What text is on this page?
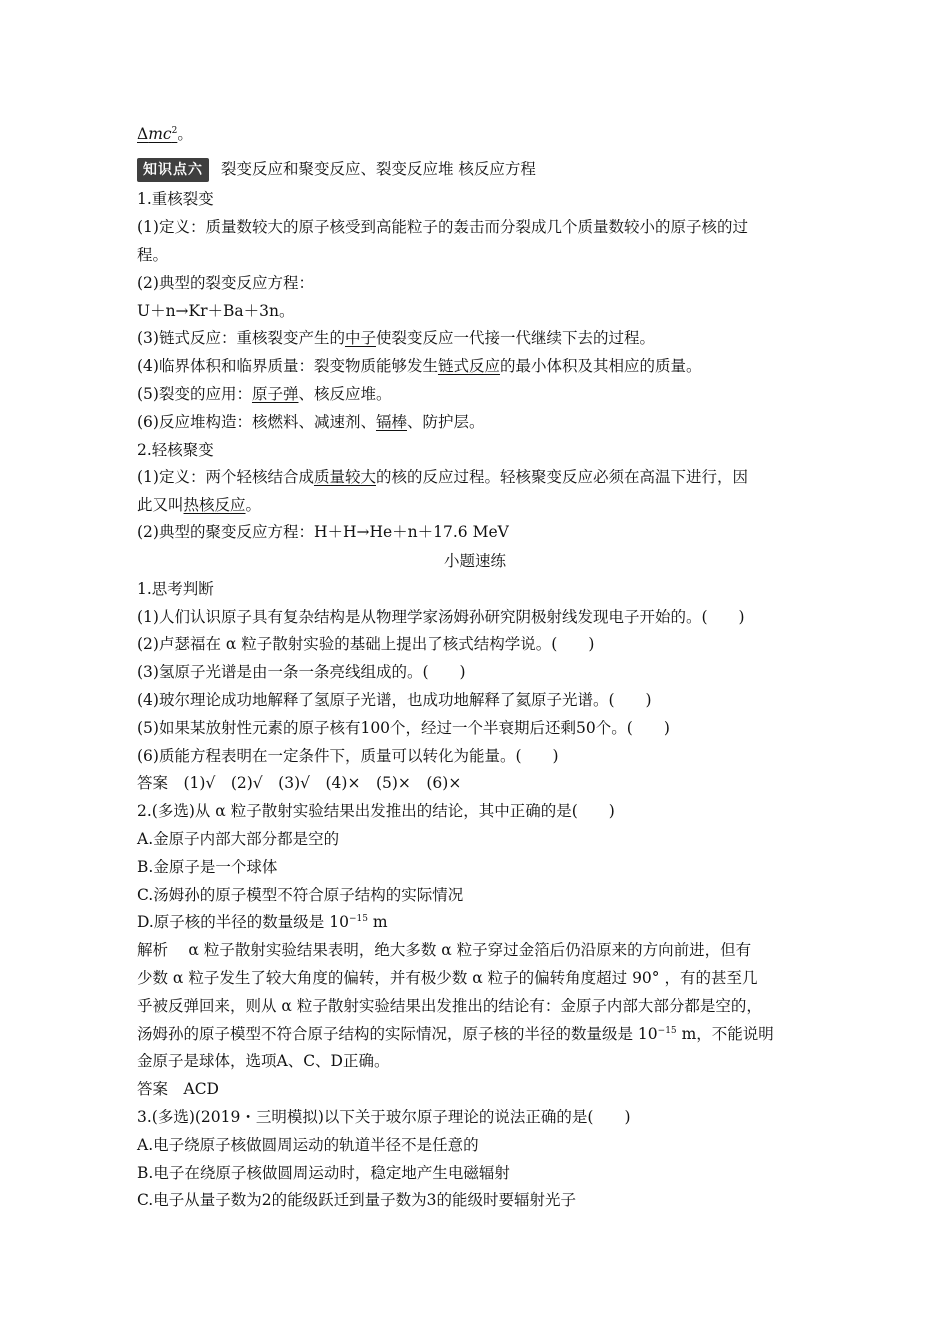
Δmc$^2$。
知识点六 裂变反应和聚变反应、裂变反应堆 核反应方程
1.重核裂变
(1)定义：质量数较大的原子核受到高能粒子的轰击而分裂成几个质量数较小的原子核的过
程。
(2)典型的裂变反应方程：
U＋n→Kr＋Ba＋3n。
(3)链式反应：重核裂变产生的中子使裂变反应一代接一代继续下去的过程。
(4)临界体积和临界质量：裂变物质能够发生链式反应的最小体积及其相应的质量。
(5)裂变的应用：原子弹、核反应堆。
(6)反应堆构造：核燃料、减速剂、镉棒、防护层。
2.轻核聚变
(1)定义：两个轻核结合成质量较大的核的反应过程。轻核聚变反应必须在高温下进行，因
此又叫热核反应。
(2)典型的聚变反应方程：H＋H→He＋n＋17.6 MeV
小题速练
1.思考判断
(1)人们认识原子具有复杂结构是从物理学家汤姆孙研究阴极射线发现电子开始的。(　　)
(2)卢瑟福在 α 粒子散射实验的基础上提出了核式结构学说。(　　)
(3)氢原子光谱是由一条一条亮线组成的。(　　)
(4)玻尔理论成功地解释了氢原子光谱，也成功地解释了氦原子光谱。(　　)
(5)如果某放射性元素的原子核有100个，经过一个半衰期后还剩50个。(　　)
(6)质能方程表明在一定条件下，质量可以转化为能量。(　　)
答案　(1)√　(2)√　(3)√　(4)×　(5)×　(6)×
2.(多选)从 α 粒子散射实验结果出发推出的结论，其中正确的是(　　)
A.金原子内部大部分都是空的
B.金原子是一个球体
C.汤姆孙的原子模型不符合原子结构的实际情况
D.原子核的半径的数量级是 $10^{-15}$ m
解析　 α 粒子散射实验结果表明，绝大多数 α 粒子穿过金箔后仍沿原来的方向前进，但有
少数 α 粒子发生了较大角度的偏转，并有极少数 α 粒子的偏转角度超过 90° ，有的甚至几
乎被反弹回来，则从 α 粒子散射实验结果出发推出的结论有：金原子内部大部分都是空的，
汤姆孙的原子模型不符合原子结构的实际情况，原子核的半径的数量级是 $10^{-15}$ m，不能说明
金原子是球体，选项A、C、D正确。
答案　ACD
3.(多选)(2019・三明模拟)以下关于玻尔原子理论的说法正确的是(　　)
A.电子绕原子核做圆周运动的轨道半径不是任意的
B.电子在绕原子核做圆周运动时，稳定地产生电磁辐射
C.电子从量子数为2的能级跃迁到量子数为3的能级时要辐射光子
